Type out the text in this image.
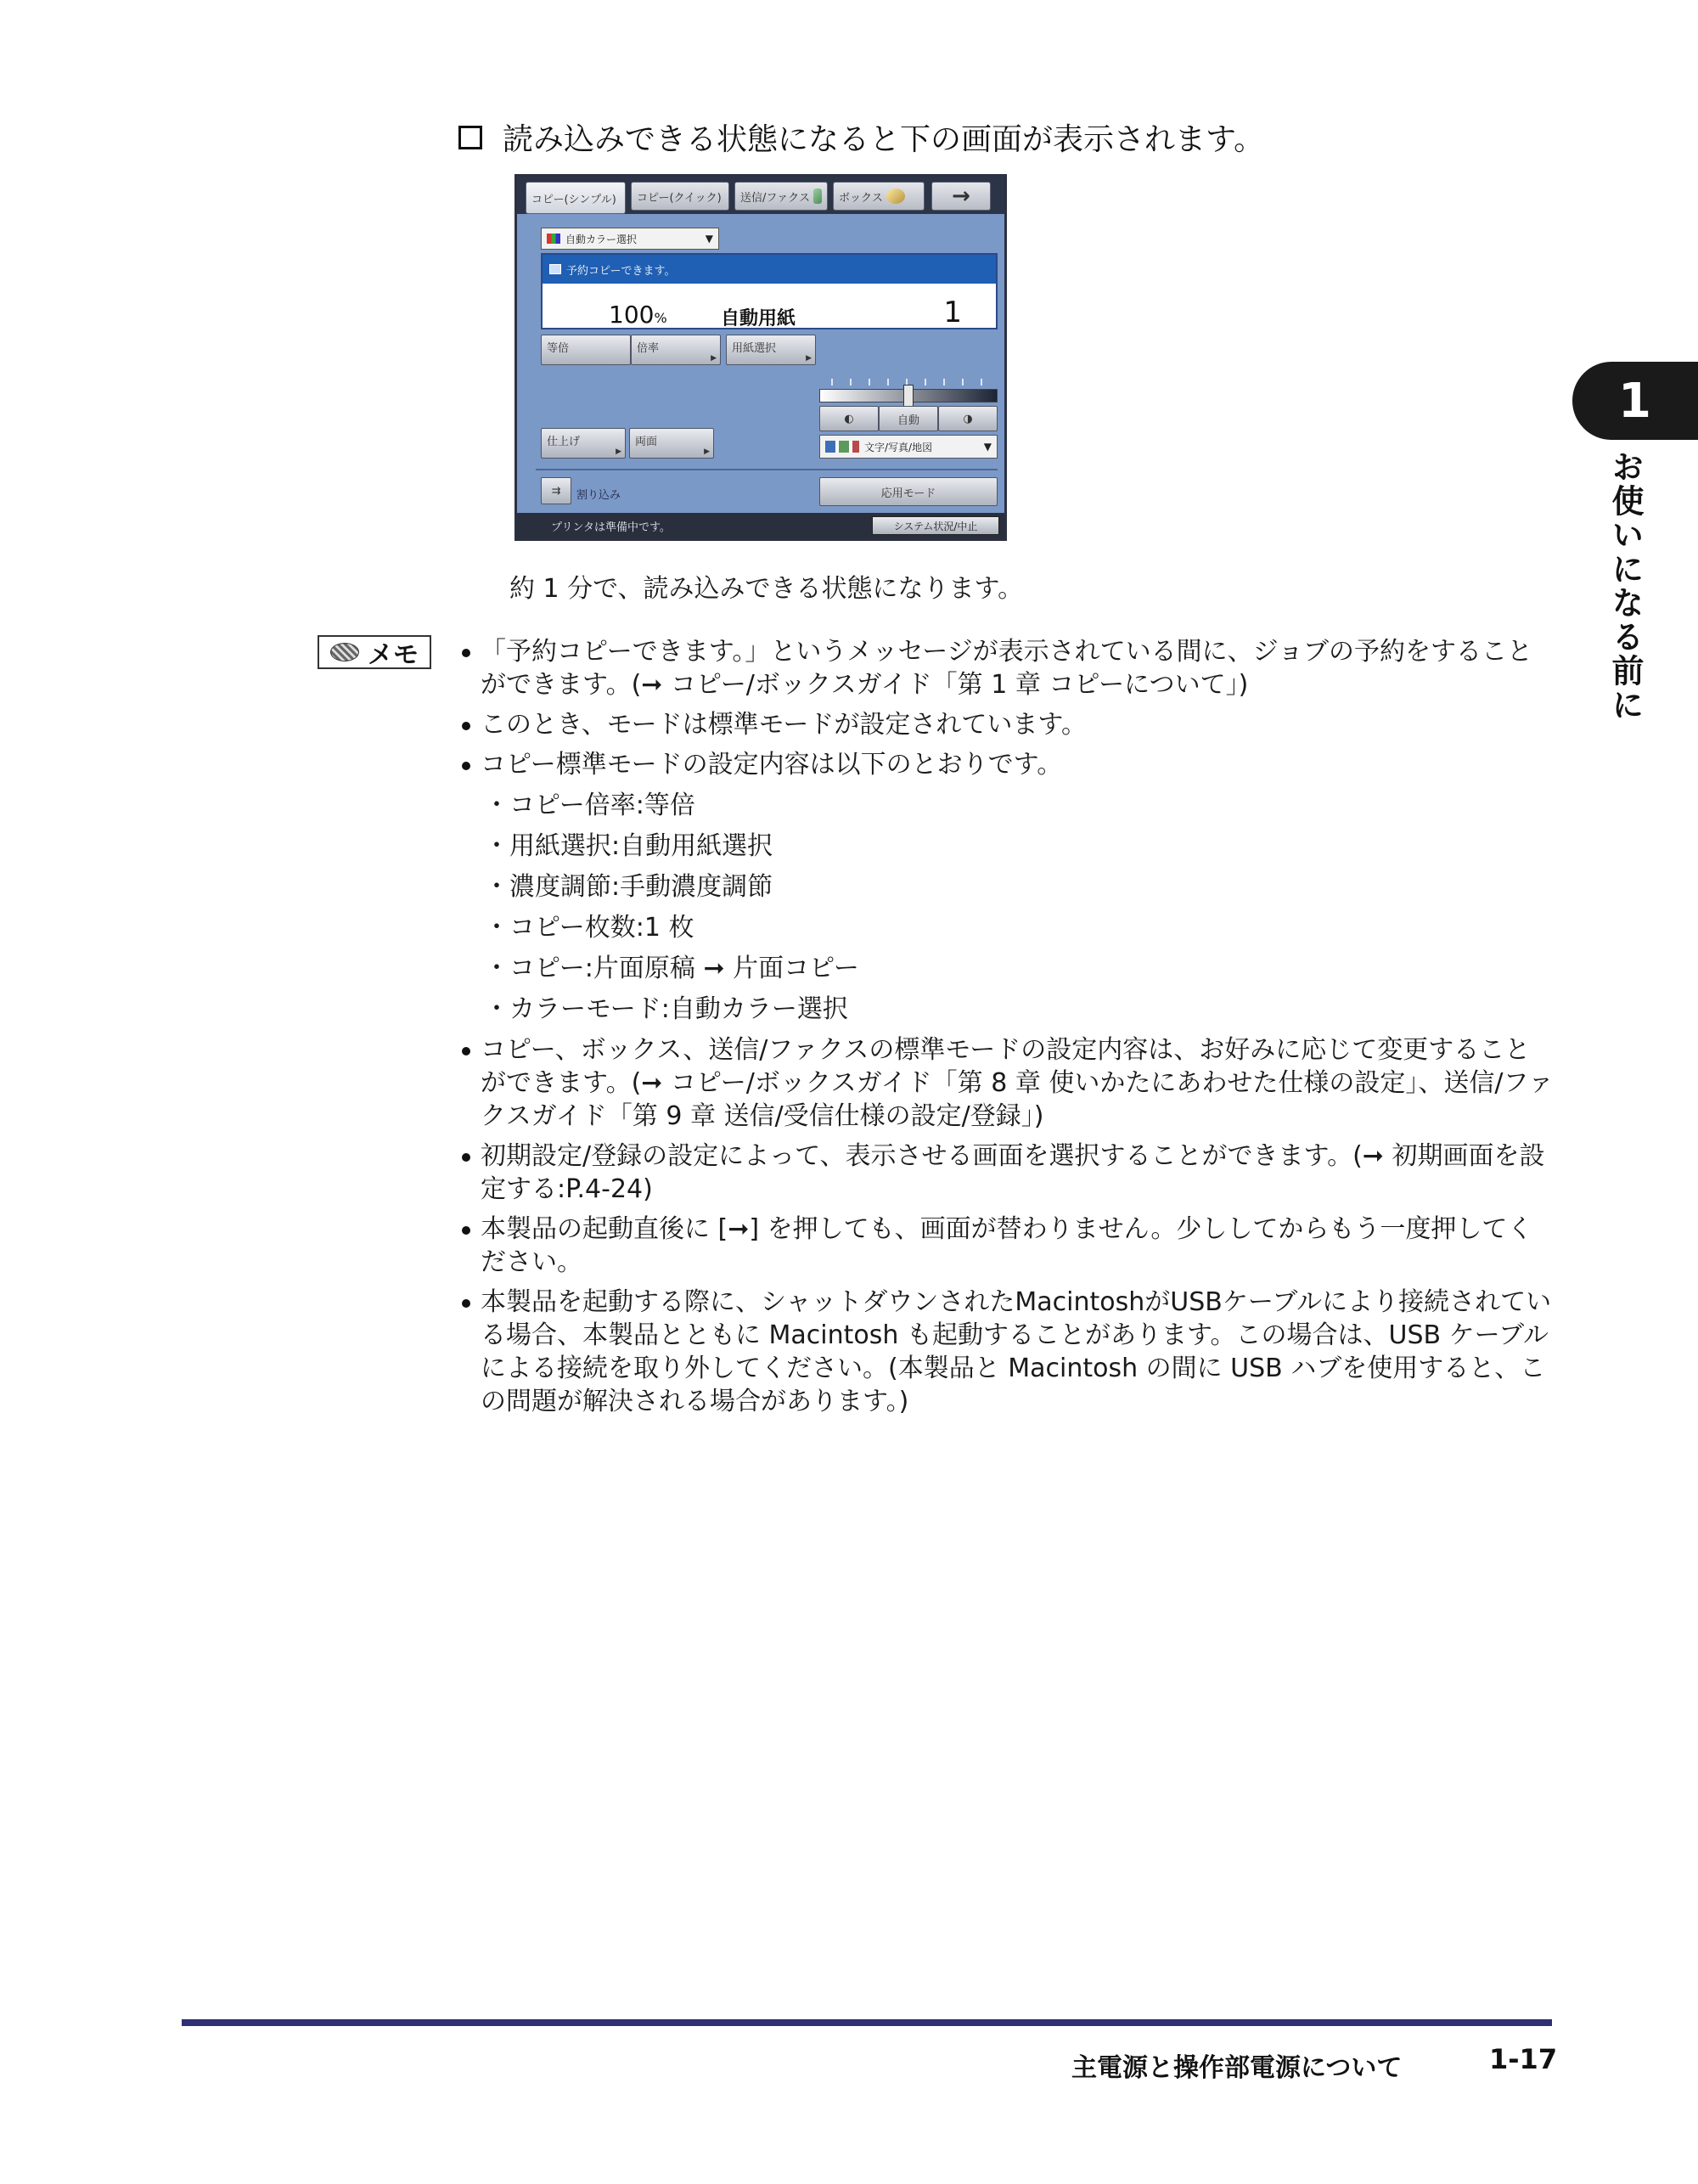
読み込みできる状態になると下の画面が表示されます。
コピー(シンプル) コピー(クイック) 送信/ファクス	ボックス	→
自動カラー選択	▼
予約コピーできます。
100%	自動用紙	1
等倍	倍率
▶
用紙選択
▶
◐	自動	◑
仕上げ
▶
両面
▶	文字/写真/地図	▼
⇉ 割り込み	応用モード
プリンタは準備中です。	システム状況/中止
約 1 分で、読み込みできる状態になります。
メモ	「予約コピーできます。」というメッセージが表示されている間に、ジョブの予約をすることができます。(➞ コピー/ボックスガイド「第 1 章 コピーについて」)
このとき、モードは標準モードが設定されています。
コピー標準モードの設定内容は以下のとおりです。
・コピー倍率:等倍
・用紙選択:自動用紙選択
・濃度調節:手動濃度調節
・コピー枚数:1 枚
・コピー:片面原稿 ➞ 片面コピー
・カラーモード:自動カラー選択
コピー、ボックス、送信/ファクスの標準モードの設定内容は、お好みに応じて変更することができます。(➞ コピー/ボックスガイド「第 8 章 使いかたにあわせた仕様の設定」、送信/ファクスガイド「第 9 章 送信/受信仕様の設定/登録」)
初期設定/登録の設定によって、表示させる画面を選択することができます。(➞ 初期画面を設定する:P.4-24)
本製品の起動直後に [➞] を押しても、画面が替わりません。少ししてからもう一度押してください。
本製品を起動する際に、シャットダウンされたMacintoshがUSBケーブルにより接続されている場合、本製品とともに Macintosh も起動することがあります。この場合は、USB ケーブルによる接続を取り外してください。(本製品と Macintosh の間に USB ハブを使用すると、この問題が解決される場合があります。)
1
お使いになる前に
主電源と操作部電源について	1-17
